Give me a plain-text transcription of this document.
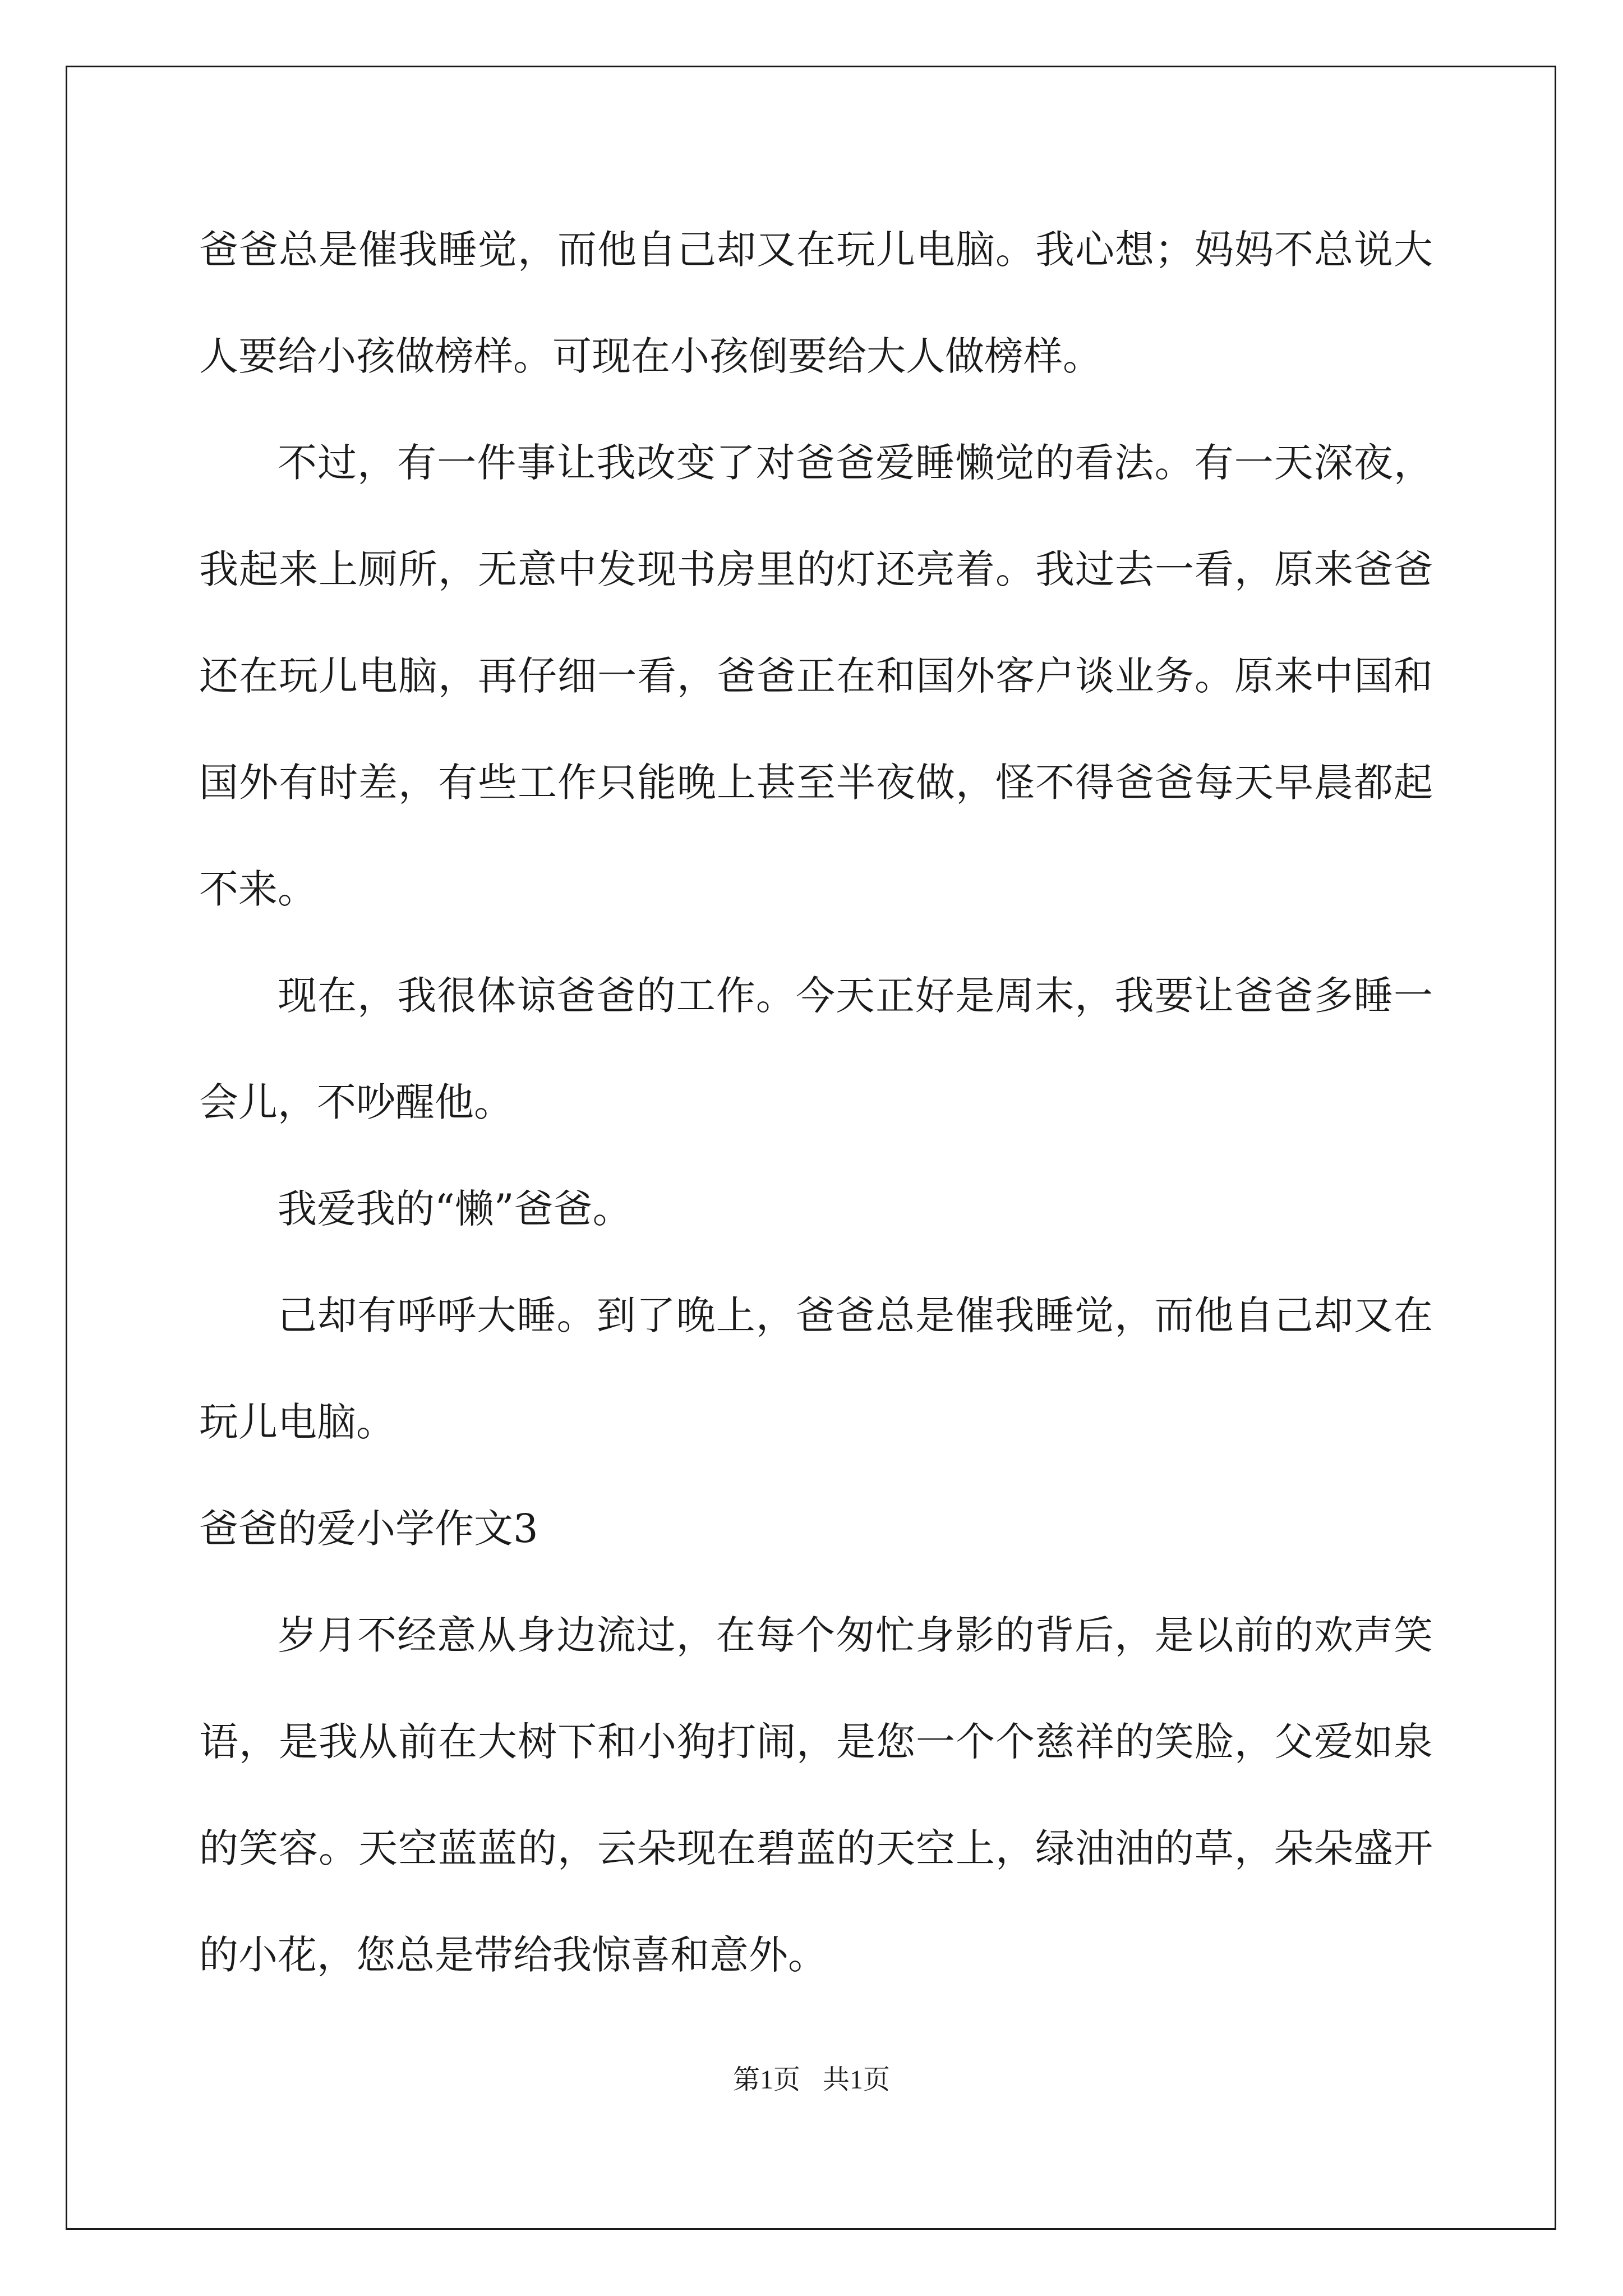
爸爸总是催我睡觉，而他自己却又在玩儿电脑。我心想；妈妈不总说大人要给小孩做榜样。可现在小孩倒要给大人做榜样。

不过，有一件事让我改变了对爸爸爱睡懒觉的看法。有一天深夜，我起来上厕所，无意中发现书房里的灯还亮着。我过去一看，原来爸爸还在玩儿电脑，再仔细一看，爸爸正在和国外客户谈业务。原来中国和国外有时差，有些工作只能晚上甚至半夜做，怪不得爸爸每天早晨都起不来。

现在，我很体谅爸爸的工作。今天正好是周末，我要让爸爸多睡一会儿，不吵醒他。

我爱我的“懒”爸爸。

己却有呼呼大睡。到了晚上，爸爸总是催我睡觉，而他自己却又在玩儿电脑。

爸爸的爱小学作文3

岁月不经意从身边流过，在每个匆忙身影的背后，是以前的欢声笑语，是我从前在大树下和小狗打闹，是您一个个慈祥的笑脸，父爱如泉的笑容。天空蓝蓝的，云朵现在碧蓝的天空上，绿油油的草，朵朵盛开的小花，您总是带给我惊喜和意外。

第1页 共1页
